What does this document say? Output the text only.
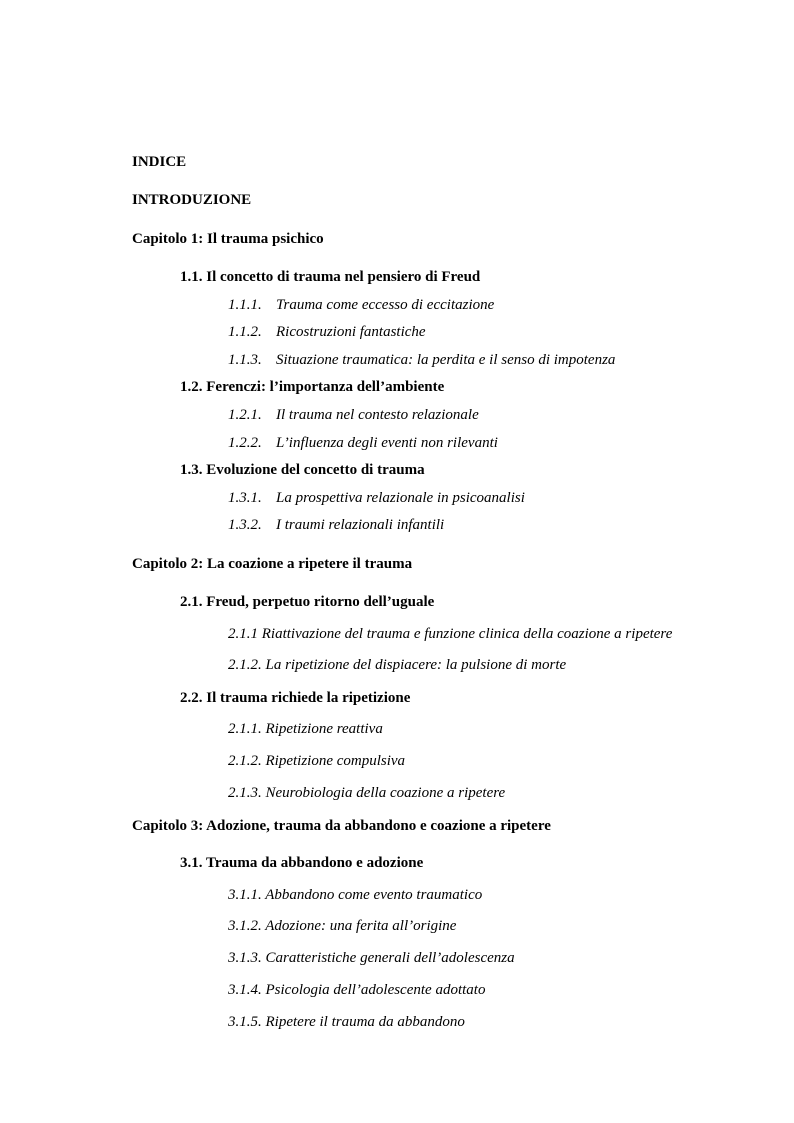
INDICE
INTRODUZIONE
Capitolo 1: Il trauma psichico
1.1. Il concetto di trauma nel pensiero di Freud
1.1.1. Trauma come eccesso di eccitazione
1.1.2. Ricostruzioni fantastiche
1.1.3. Situazione traumatica: la perdita e il senso di impotenza
1.2. Ferenczi: l’importanza dell’ambiente
1.2.1. Il trauma nel contesto relazionale
1.2.2. L’influenza degli eventi non rilevanti
1.3. Evoluzione del concetto di trauma
1.3.1. La prospettiva relazionale in psicoanalisi
1.3.2. I traumi relazionali infantili
Capitolo 2: La coazione a ripetere il trauma
2.1. Freud, perpetuo ritorno dell’uguale
2.1.1 Riattivazione del trauma e funzione clinica della coazione a ripetere
2.1.2. La ripetizione del dispiacere: la pulsione di morte
2.2. Il trauma richiede la ripetizione
2.1.1. Ripetizione reattiva
2.1.2. Ripetizione compulsiva
2.1.3. Neurobiologia della coazione a ripetere
Capitolo 3: Adozione, trauma da abbandono e coazione a ripetere
3.1. Trauma da abbandono e adozione
3.1.1. Abbandono come evento traumatico
3.1.2. Adozione: una ferita all’origine
3.1.3. Caratteristiche generali dell’adolescenza
3.1.4. Psicologia dell’adolescente adottato
3.1.5. Ripetere il trauma da abbandono
